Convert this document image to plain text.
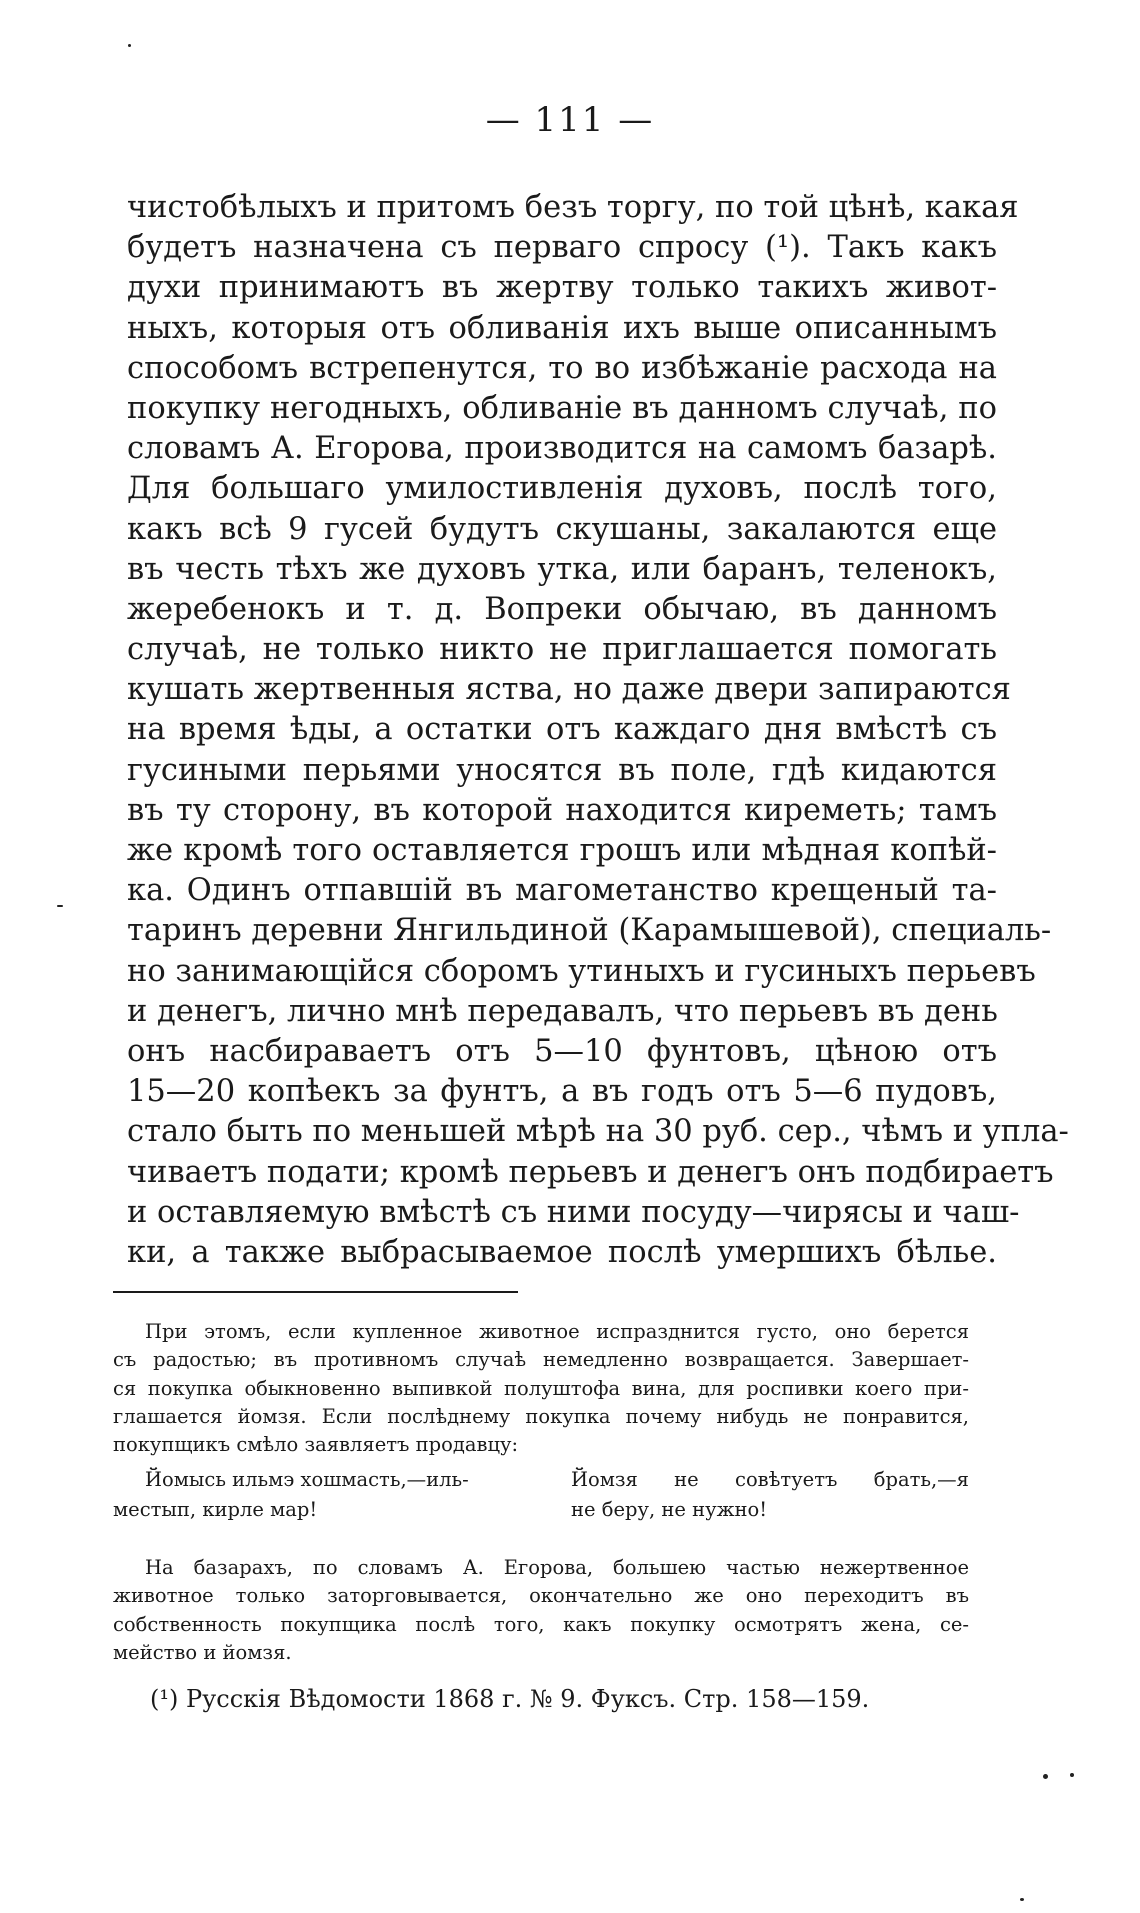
— 111 —
чистобѣлыхъ и притомъ безъ торгу, по той цѣнѣ, какая
будетъ назначена съ перваго спросу (¹). Такъ какъ
духи принимаютъ въ жертву только такихъ живот-
ныхъ, которыя отъ обливанія ихъ выше описаннымъ
способомъ встрепенутся, то во избѣжаніе расхода на
покупку негодныхъ, обливаніе въ данномъ случаѣ, по
словамъ А. Егорова, производится на самомъ базарѣ.
Для большаго умилостивленія духовъ, послѣ того,
какъ всѣ 9 гусей будутъ скушаны, закалаются еще
въ честь тѣхъ же духовъ утка, или баранъ, теленокъ,
жеребенокъ и т. д. Вопреки обычаю, въ данномъ
случаѣ, не только никто не приглашается помогать
кушать жертвенныя яства, но даже двери запираются
на время ѣды, а остатки отъ каждаго дня вмѣстѣ съ
гусиными перьями уносятся въ поле, гдѣ кидаются
въ ту сторону, въ которой находится киреметь; тамъ
же кромѣ того оставляется грошъ или мѣдная копѣй-
ка. Одинъ отпавшій въ магометанство крещеный та-
таринъ деревни Янгильдиной (Карамышевой), специаль-
но занимающійся сборомъ утиныхъ и гусиныхъ перьевъ
и денегъ, лично мнѣ передавалъ, что перьевъ въ день
онъ насбираваетъ отъ 5—10 фунтовъ, цѣною отъ
15—20 копѣекъ за фунтъ, а въ годъ отъ 5—6 пудовъ,
стало быть по меньшей мѣрѣ на 30 руб. сер., чѣмъ и упла-
чиваетъ подати; кромѣ перьевъ и денегъ онъ подбираетъ
и оставляемую вмѣстѣ съ ними посуду—чирясы и чаш-
ки, а также выбрасываемое послѣ умершихъ бѣлье.
При этомъ, если купленное животное испразднится густо, оно берется
съ радостью; въ противномъ случаѣ немедленно возвращается. Завершает-
ся покупка обыкновенно выпивкой полуштофа вина, для роспивки коего при-
глашается йомзя. Если послѣднему покупка почему нибудь не понравится,
покупщикъ смѣло заявляетъ продавцу:
Йомысь ильмэ хошмасть,—иль-	Йомзя не совѣтуетъ брать,—я
местып, кирле мар!	не беру, не нужно!
На базарахъ, по словамъ А. Егорова, большею частью нежертвенное
животное только заторговывается, окончательно же оно переходитъ въ
собственность покупщика послѣ того, какъ покупку осмотрятъ жена, се-
мейство и йомзя.
(¹) Русскія Вѣдомости 1868 г. № 9. Фуксъ. Стр. 158—159.
